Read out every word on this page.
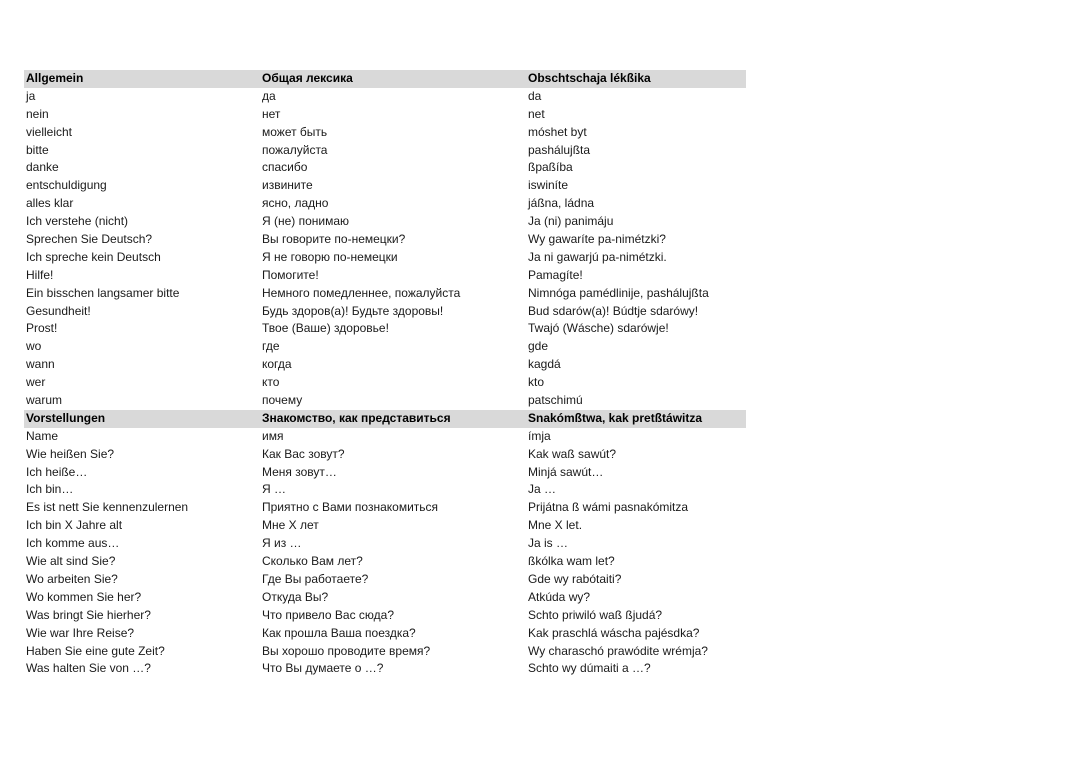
Allgemein	Общая лексика	Obschtschaja lékßika
ja	да	da
nein	нет	net
vielleicht	может быть	móshet byt
bitte	пожалуйста	pashálujßta
danke	спасибо	ßpaßíba
entschuldigung	извините	iswiníte
alles klar	ясно, ладно	jáßna, ládna
Ich verstehe (nicht)	Я (не) понимаю	Ja (ni) panimáju
Sprechen Sie Deutsch?	Вы говорите по-немецки?	Wy gawaríte pa-nimétzki?
Ich spreche kein Deutsch	Я не говорю по-немецки	Ja ni gawarjú pa-nimétzki.
Hilfe!	Помогите!	Pamagíte!
Ein bisschen langsamer bitte	Немного помедленнее, пожалуйста	Nimnóga pamédlinije, pashálujßta
Gesundheit!	Будь здоров(а)! Будьте здоровы!	Bud sdarów(a)! Búdtje sdarówy!
Prost!	Твое (Ваше) здоровье!	Twajó (Wásche) sdarówje!
wo	где	gde
wann	когда	kagdá
wer	кто	kto
warum	почему	patschimú
Vorstellungen	Знакомство, как представиться	Snakómßtwa, kak pretßtáwitza
Name	имя	ímja
Wie heißen Sie?	Как Вас зовут?	Kak waß sawút?
Ich heiße…	Меня зовут…	Minjá sawút…
Ich bin…	Я …	Ja …
Es ist nett Sie kennenzulernen	Приятно с Вами познакомиться	Prijátna ß wámi pasnakómitza
Ich bin X Jahre alt	Мне X лет	Mne X let.
Ich komme aus…	Я из …	Ja is …
Wie alt sind Sie?	Сколько Вам лет?	ßkólka wam let?
Wo arbeiten Sie?	Где Вы работаете?	Gde wy rabótaiti?
Wo kommen Sie her?	Откуда Вы?	Atkúda wy?
Was bringt Sie hierher?	Что привело Вас сюда?	Schto priwiló waß ßjudá?
Wie war Ihre Reise?	Как прошла Ваша поездка?	Kak praschlá wáscha pajésdka?
Haben Sie eine gute Zeit?	Вы хорошо проводите время?	Wy charaschó prawódite wrémja?
Was halten Sie von …?	Что Вы думаете о …?	Schto wy dúmaiti a …?
